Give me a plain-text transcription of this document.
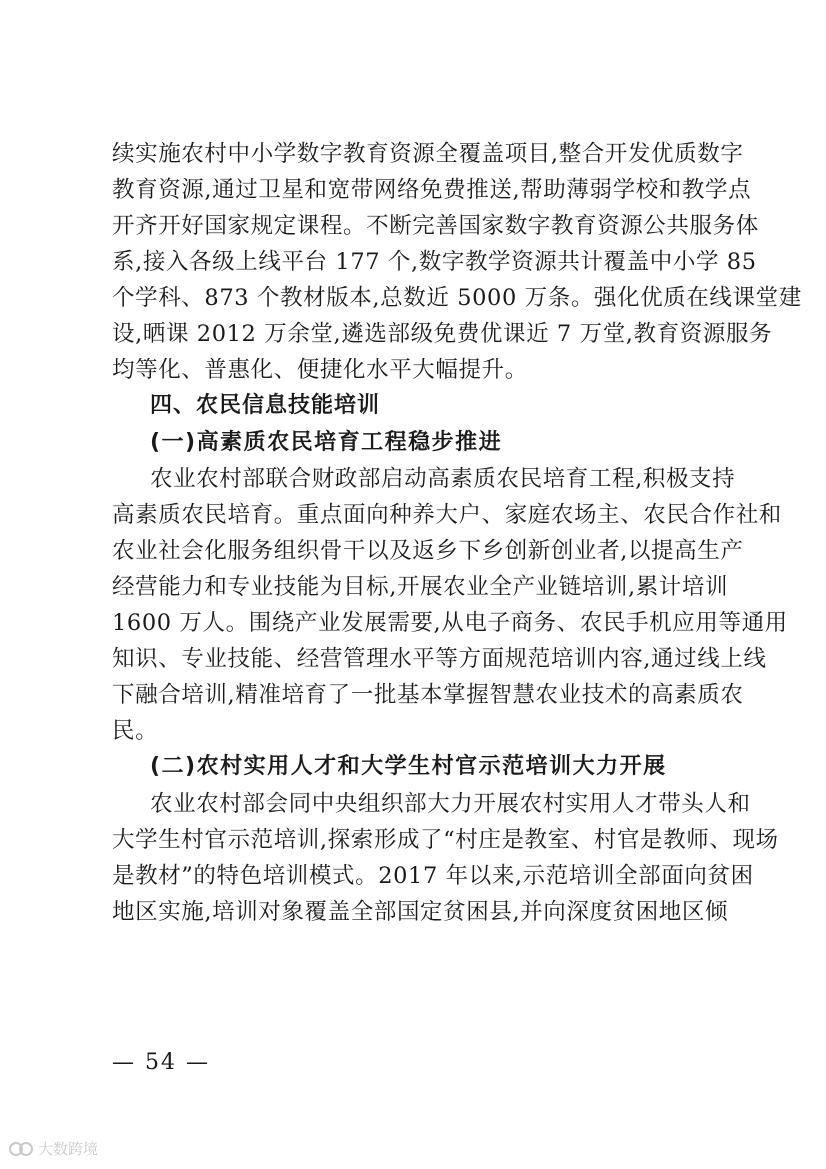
续实施农村中小学数字教育资源全覆盖项目,整合开发优质数字
教育资源,通过卫星和宽带网络免费推送,帮助薄弱学校和教学点
开齐开好国家规定课程。不断完善国家数字教育资源公共服务体
系,接入各级上线平台 177 个,数字教学资源共计覆盖中小学 85
个学科、873 个教材版本,总数近 5000 万条。强化优质在线课堂建
设,晒课 2012 万余堂,遴选部级免费优课近 7 万堂,教育资源服务
均等化、普惠化、便捷化水平大幅提升。
四、农民信息技能培训
(一)高素质农民培育工程稳步推进
农业农村部联合财政部启动高素质农民培育工程,积极支持
高素质农民培育。重点面向种养大户、家庭农场主、农民合作社和
农业社会化服务组织骨干以及返乡下乡创新创业者,以提高生产
经营能力和专业技能为目标,开展农业全产业链培训,累计培训
1600 万人。围绕产业发展需要,从电子商务、农民手机应用等通用
知识、专业技能、经营管理水平等方面规范培训内容,通过线上线
下融合培训,精准培育了一批基本掌握智慧农业技术的高素质农
民。
(二)农村实用人才和大学生村官示范培训大力开展
农业农村部会同中央组织部大力开展农村实用人才带头人和
大学生村官示范培训,探索形成了“村庄是教室、村官是教师、现场
是教材”的特色培训模式。2017 年以来,示范培训全部面向贫困
地区实施,培训对象覆盖全部国定贫困县,并向深度贫困地区倾
— 54 —
大数跨境
